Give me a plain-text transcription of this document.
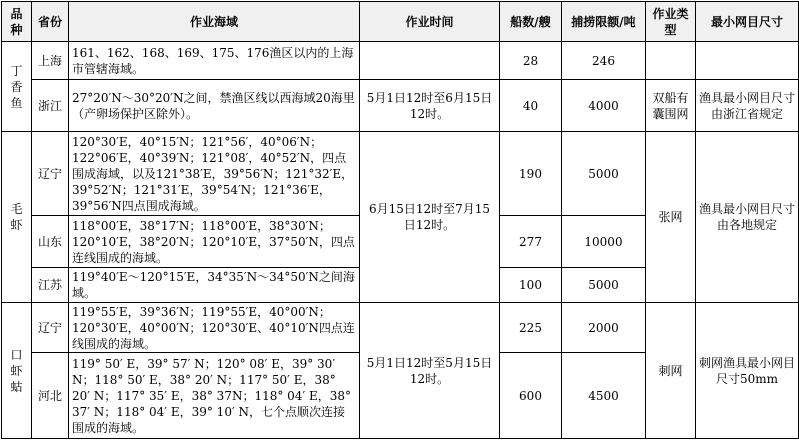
品种	省份	作业海域	作业时间	船数/艘	捕捞限额/吨	作业类型	最小网目尺寸
丁香鱼	上海	161、162、168、169、175、176渔区以内的上海市管辖海域。		28	246		
	浙江	27°20′N～30°20′N之间，禁渔区线以西海域20海里（产卵场保护区除外）。	5月1日12时至6月15日12时。	40	4000	双船有囊围网	渔具最小网目尺寸由浙江省规定
毛虾	辽宁	120°30′E，40°15′N；121°56′，40°06′N；122°06′E，40°39′N；121°08′，40°52′N，四点围成海域，以及121°38′E，39°56′N；121°32′E，39°52′N；121°31′E，39°54′N；121°36′E，39°56′N四点围成海域。	6月15日12时至7月15日12时。	190	5000	张网	渔具最小网目尺寸由各地规定
	山东	118°00′E，38°17′N；118°00′E，38°30′N；120°10′E，38°20′N；120°10′E，37°50′N，四点连线围成的海域。		277	10000		
	江苏	119°40′E～120°15′E，34°35′N～34°50′N之间海域。		100	5000		
口虾蛄	辽宁	119°55′E，39°36′N；119°55′E，40°00′N；120°30′E，40°00′N；120°30′E、40°10′N四点连线围成的海域。	5月1日12时至5月15日12时。	225	2000	刺网	刺网渔具最小网目尺寸50mm
	河北	119° 50′ E，39° 57′ N；120° 08′ E，39° 30′ N；118° 50′ E，38° 20′ N；117° 50′ E，38° 20′ N；117° 35′ E，38° 37N；118° 04′ E，38° 37′ N；118° 04′ E，39° 10′ N，七个点顺次连接围成的海域。		600	4500		
